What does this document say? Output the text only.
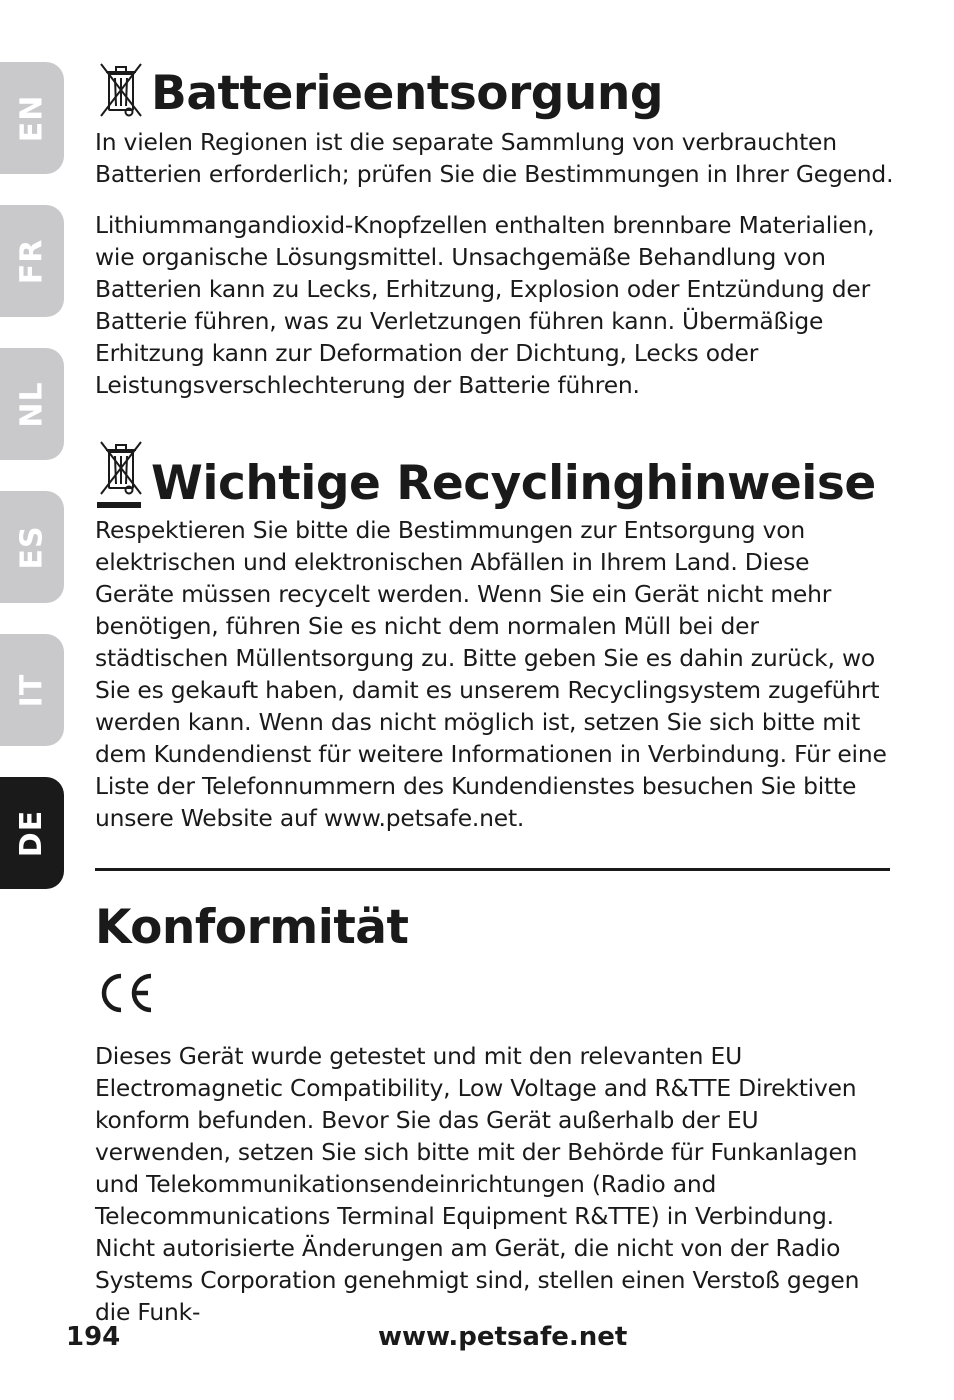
EN
FR
NL
ES
IT
DE
Batterieentsorgung

In vielen Regionen ist die separate Sammlung von verbrauchten Batterien erforderlich; prüfen Sie die Bestimmungen in Ihrer Gegend.

Lithiummangandioxid-Knopfzellen enthalten brennbare Materialien, wie organische Lösungsmittel. Unsachgemäße Behandlung von Batterien kann zu Lecks, Erhitzung, Explosion oder Entzündung der Batterie führen, was zu Verletzungen führen kann. Übermäßige Erhitzung kann zur Deformation der Dichtung, Lecks oder Leistungsverschlechterung der Batterie führen.

Wichtige Recyclinghinweise

Respektieren Sie bitte die Bestimmungen zur Entsorgung von elektrischen und elektronischen Abfällen in Ihrem Land. Diese Geräte müssen recycelt werden. Wenn Sie ein Gerät nicht mehr benötigen, führen Sie es nicht dem normalen Müll bei der städtischen Müllentsorgung zu. Bitte geben Sie es dahin zurück, wo Sie es gekauft haben, damit es unserem Recyclingsystem zugeführt werden kann. Wenn das nicht möglich ist, setzen Sie sich bitte mit dem Kundendienst für weitere Informationen in Verbindung. Für eine Liste der Telefonnummern des Kundendienstes besuchen Sie bitte unsere Website auf www.petsafe.net.

Konformität

Dieses Gerät wurde getestet und mit den relevanten EU Electromagnetic Compatibility, Low Voltage and R&TTE Direktiven konform befunden. Bevor Sie das Gerät außerhalb der EU verwenden, setzen Sie sich bitte mit der Behörde für Funkanlagen und Telekommunikationsendeinrichtungen (Radio and Telecommunications Terminal Equipment R&TTE) in Verbindung. Nicht autorisierte Änderungen am Gerät, die nicht von der Radio Systems Corporation genehmigt sind, stellen einen Verstoß gegen die Funk-

194	www.petsafe.net
